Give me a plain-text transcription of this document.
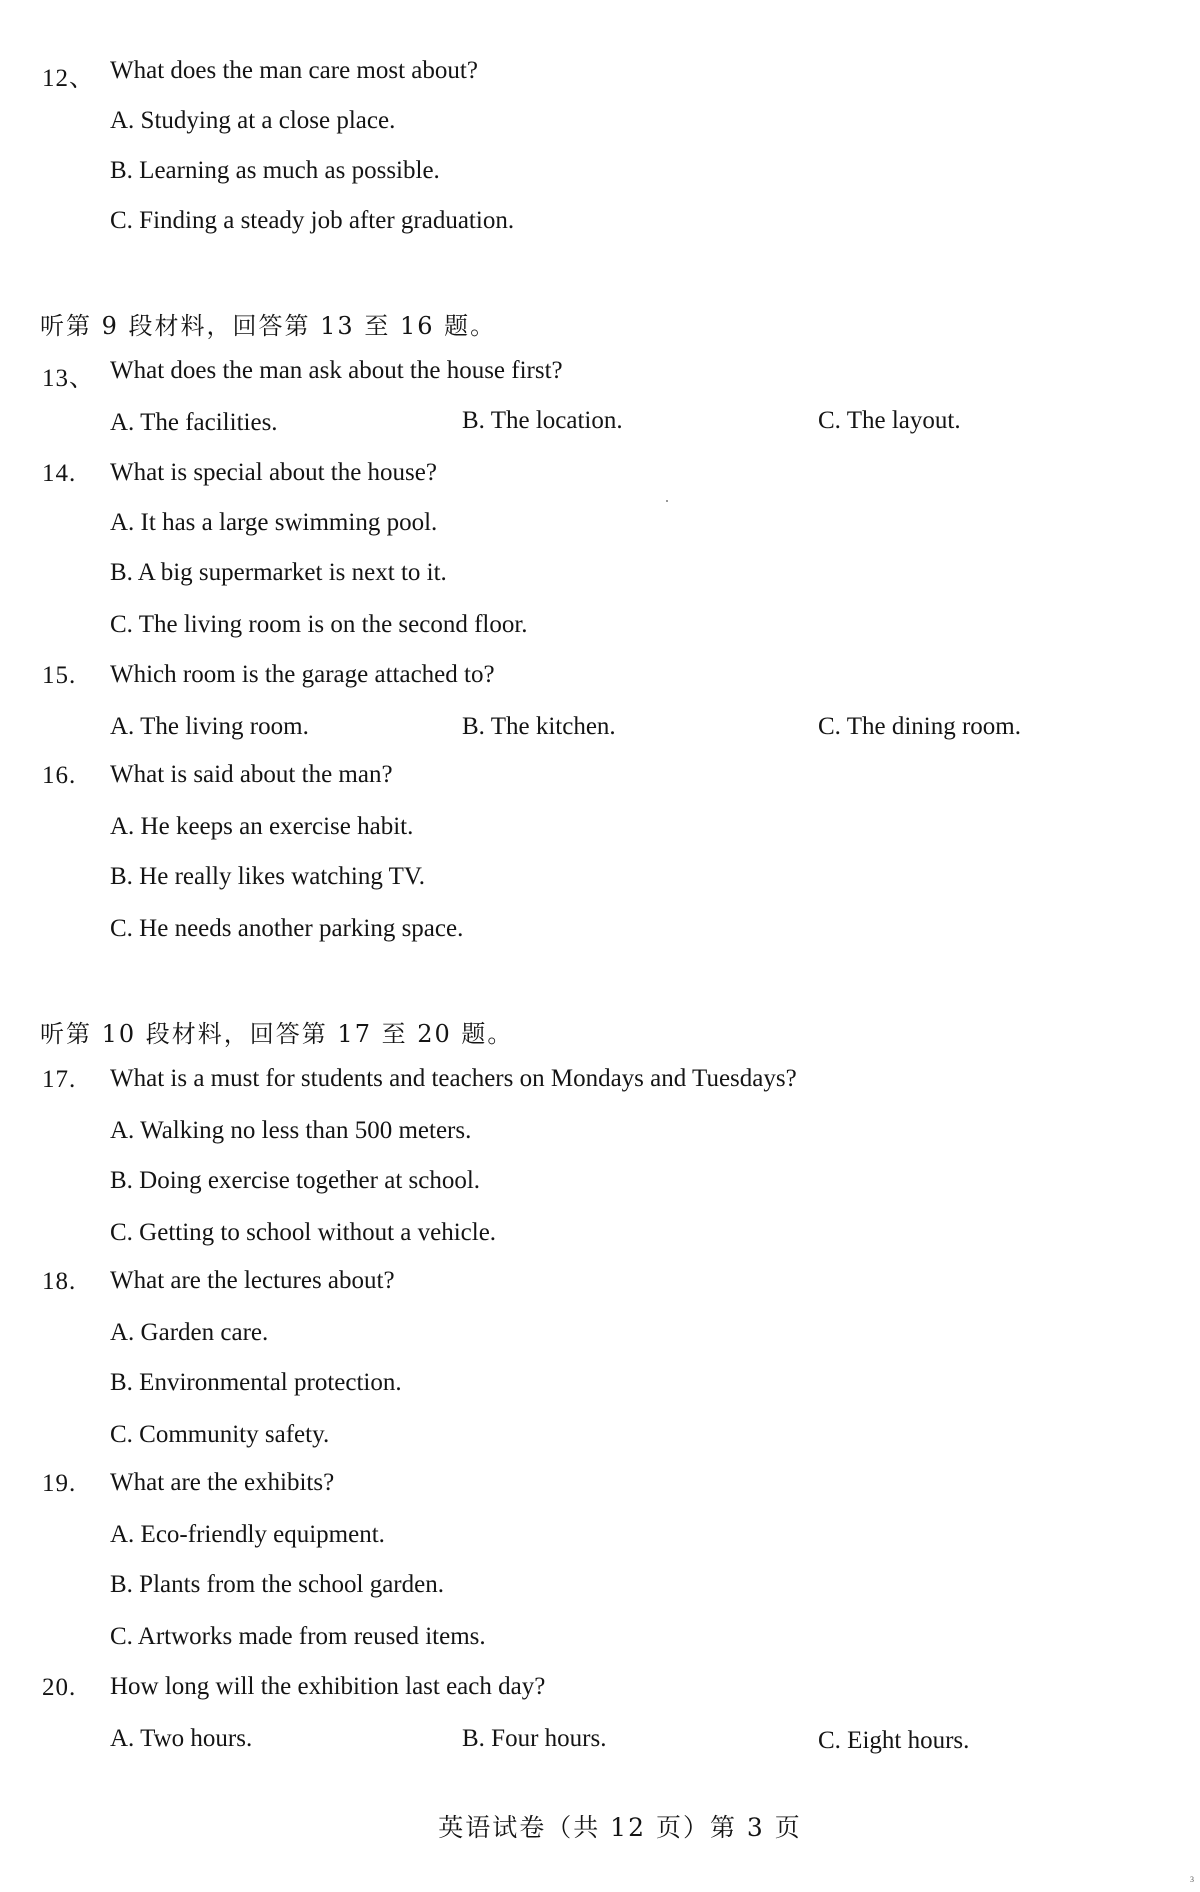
12、 What does the man care most about?
A. Studying at a close place.
B. Learning as much as possible.
C. Finding a steady job after graduation.
听第 9 段材料，回答第 13 至 16 题。
13、 What does the man ask about the house first?
A. The facilities.	B. The location.	C. The layout.
14. What is special about the house?
A. It has a large swimming pool.
B. A big supermarket is next to it.
C. The living room is on the second floor.
15. Which room is the garage attached to?
A. The living room.	B. The kitchen.	C. The dining room.
16. What is said about the man?
A. He keeps an exercise habit.
B. He really likes watching TV.
C. He needs another parking space.
听第 10 段材料，回答第 17 至 20 题。
17. What is a must for students and teachers on Mondays and Tuesdays?
A. Walking no less than 500 meters.
B. Doing exercise together at school.
C. Getting to school without a vehicle.
18. What are the lectures about?
A. Garden care.
B. Environmental protection.
C. Community safety.
19. What are the exhibits?
A. Eco-friendly equipment.
B. Plants from the school garden.
C. Artworks made from reused items.
20. How long will the exhibition last each day?
A. Two hours.	B. Four hours.	C. Eight hours.
英语试卷（共 12 页）第 3 页
3
